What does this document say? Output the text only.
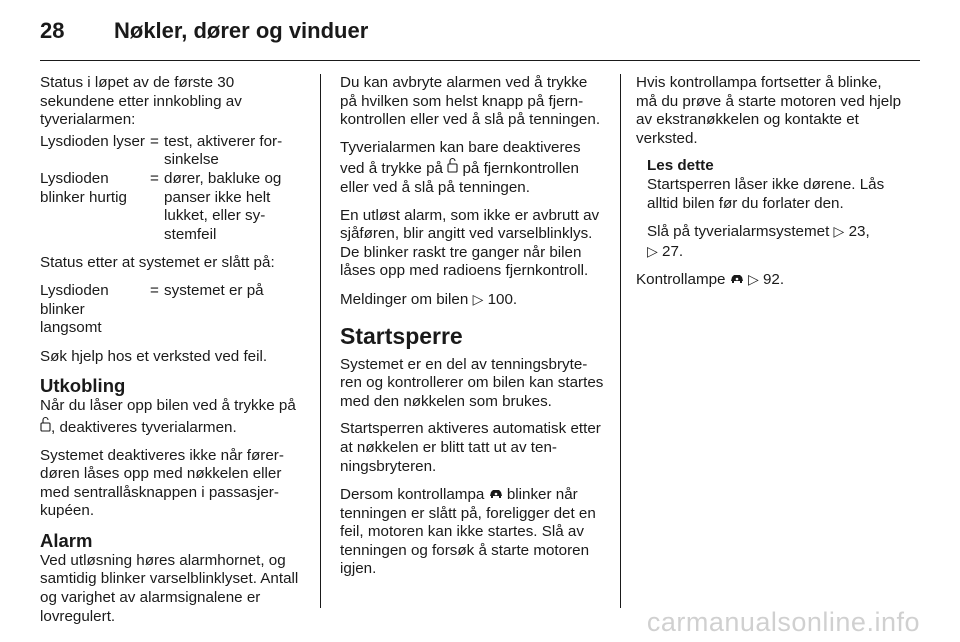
28 Nøkler, dører og vinduer

Status i løpet av de første 30 sekundene etter innkobling av tyverialarmen:

Lysdioden lyser = test, aktiverer forsinkelse
Lysdioden blinker hurtig
= dører, bakluke og panser ikke helt lukket, eller systemfeil

Status etter at systemet er slått på:

Lysdioden blinker langsomt
= systemet er på

Søk hjelp hos et verksted ved feil.

Utkobling

Når du låser opp bilen ved å trykke på , deaktiveres tyverialarmen.

Systemet deaktiveres ikke når førerdøren låses opp med nøkkelen eller med sentrallåsknappen i passasjerkupéen.

Alarm

Ved utløsning høres alarmhornet, og samtidig blinker varselblinklyset. Antall og varighet av alarmsignalene er lovregulert.

Du kan avbryte alarmen ved å trykke på hvilken som helst knapp på fjernkontrollen eller ved å slå på tenningen.

Tyverialarmen kan bare deaktiveres ved å trykke på på fjernkontrollen eller ved å slå på tenningen.

En utløst alarm, som ikke er avbrutt av sjåføren, blir angitt ved varselblinklys. De blinker raskt tre ganger når bilen låses opp med radioens fjernkontroll.

Meldinger om bilen ▷ 100.

Startsperre

Systemet er en del av tenningsbryteren og kontrollerer om bilen kan startes med den nøkkelen som brukes.

Startsperren aktiveres automatisk etter at nøkkelen er blitt tatt ut av tenningsbryteren.

Dersom kontrollampa blinker når tenningen er slått på, foreligger det en feil, motoren kan ikke startes. Slå av tenningen og forsøk å starte motoren igjen.

Hvis kontrollampa fortsetter å blinke, må du prøve å starte motoren ved hjelp av ekstranøkkelen og kontakte et verksted.

Les dette

Startsperren låser ikke dørene. Lås alltid bilen før du forlater den.

Slå på tyverialarmsystemet ▷ 23,
▷ 27.

Kontrollampe ▷ 92.

carmanualsonline.info
